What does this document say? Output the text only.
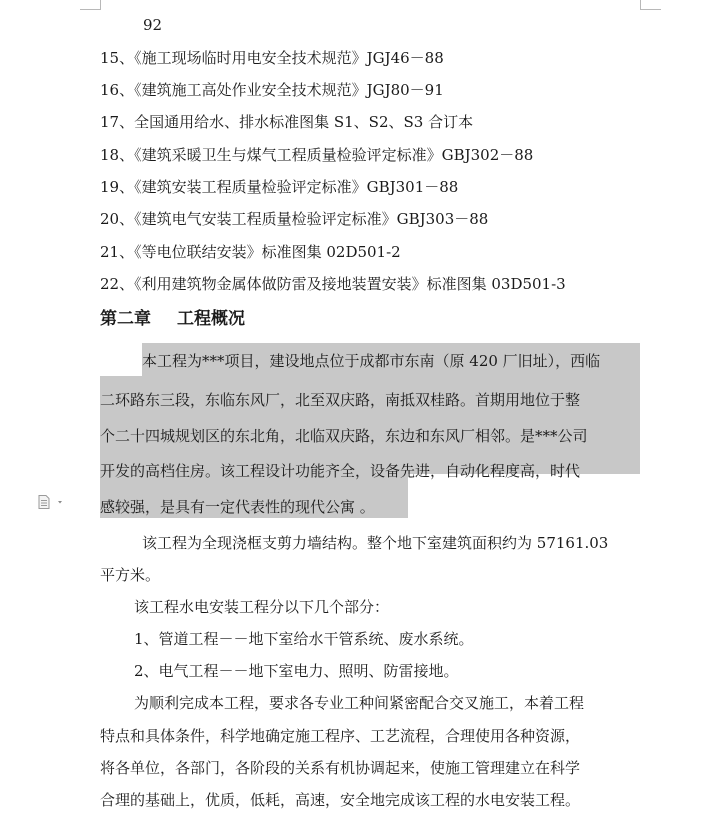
92
15、《施工现场临时用电安全技术规范》JGJ46－88
16、《建筑施工高处作业安全技术规范》JGJ80－91
17、全国通用给水、排水标准图集 S1、S2、S3 合订本
18、《建筑采暖卫生与煤气工程质量检验评定标准》GBJ302－88
19、《建筑安装工程质量检验评定标准》GBJ301－88
20、《建筑电气安装工程质量检验评定标准》GBJ303－88
21、《等电位联结安装》标准图集 02D501-2
22、《利用建筑物金属体做防雷及接地装置安装》标准图集 03D501-3
第二章 工程概况
本工程为***项目，建设地点位于成都市东南（原 420 厂旧址），西临
二环路东三段，东临东风厂，北至双庆路，南抵双桂路。首期用地位于整
个二十四城规划区的东北角，北临双庆路，东边和东风厂相邻。是***公司
开发的高档住房。该工程设计功能齐全，设备先进，自动化程度高，时代
感较强，是具有一定代表性的现代公寓 。
该工程为全现浇框支剪力墙结构。整个地下室建筑面积约为 57161.03
平方米。
该工程水电安装工程分以下几个部分：
1、管道工程－－地下室给水干管系统、废水系统。
2、电气工程－－地下室电力、照明、防雷接地。
为顺利完成本工程，要求各专业工种间紧密配合交叉施工，本着工程
特点和具体条件，科学地确定施工程序、工艺流程，合理使用各种资源，
将各单位，各部门，各阶段的关系有机协调起来，使施工管理建立在科学
合理的基础上，优质，低耗，高速，安全地完成该工程的水电安装工程。
